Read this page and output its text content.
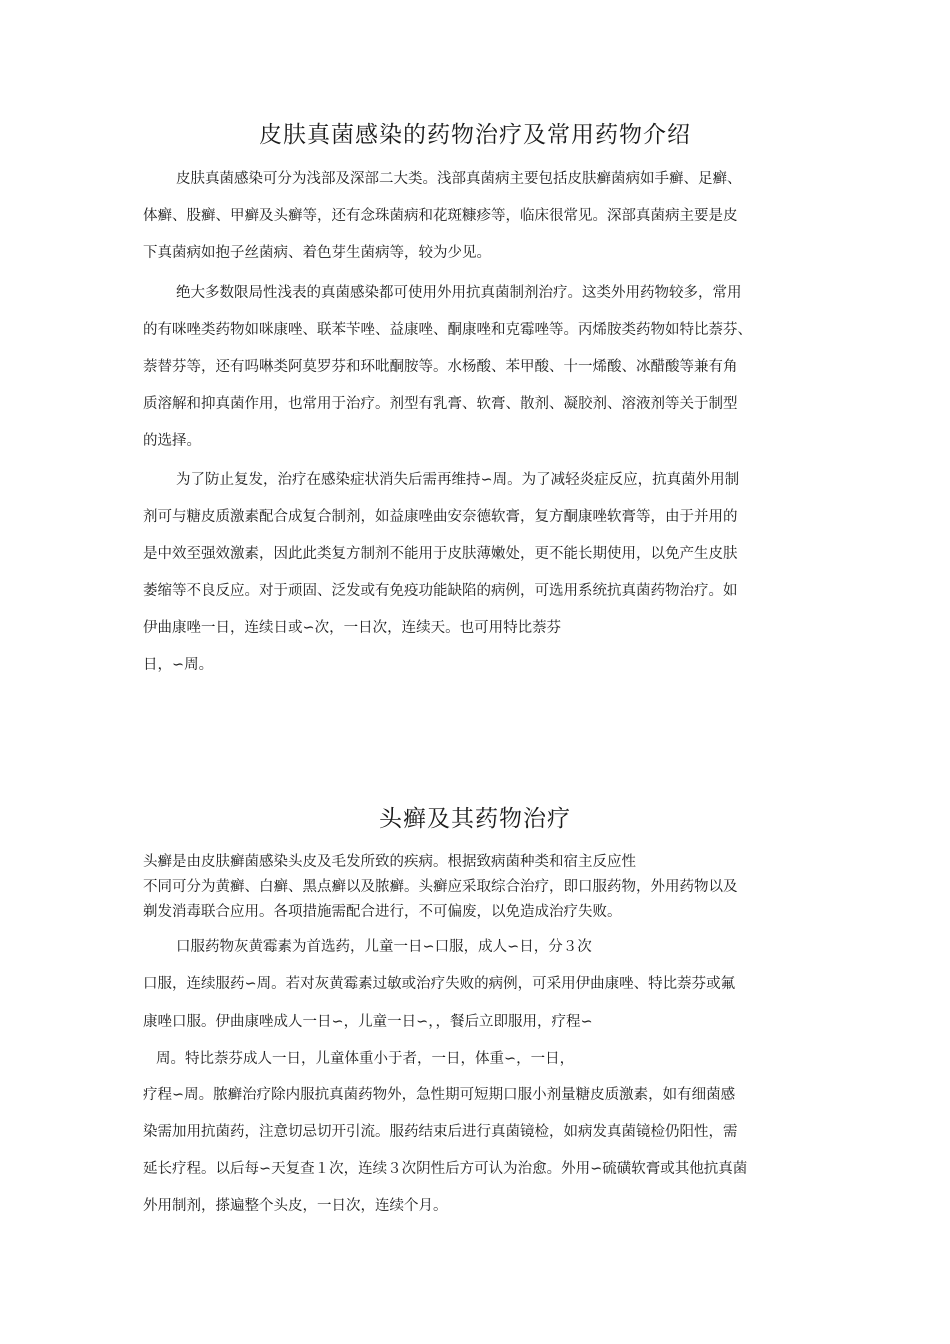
皮肤真菌感染的药物治疗及常用药物介绍

皮肤真菌感染可分为浅部及深部二大类。浅部真菌病主要包括皮肤癣菌病如手癣、足癣、

体癣、股癣、甲癣及头癣等，还有念珠菌病和花斑糠疹等，临床很常见。深部真菌病主要是皮

下真菌病如抱子丝菌病、着色芽生菌病等，较为少见。

绝大多数限局性浅表的真菌感染都可使用外用抗真菌制剂治疗。这类外用药物较多，常用

的有咪唑类药物如咪康唑、联苯苄唑、益康唑、酮康唑和克霉唑等。丙烯胺类药物如特比萘芬、

萘替芬等，还有吗啉类阿莫罗芬和环吡酮胺等。水杨酸、苯甲酸、十一烯酸、冰醋酸等兼有角

质溶解和抑真菌作用，也常用于治疗。剂型有乳膏、软膏、散剂、凝胶剂、溶液剂等关于制型

的选择。

为了防止复发，治疗在感染症状消失后需再维持∽周。为了减轻炎症反应，抗真菌外用制

剂可与糖皮质激素配合成复合制剂，如益康唑曲安奈德软膏，复方酮康唑软膏等，由于并用的

是中效至强效激素，因此此类复方制剂不能用于皮肤薄嫩处，更不能长期使用，以免产生皮肤

萎缩等不良反应。对于顽固、泛发或有免疫功能缺陷的病例，可选用系统抗真菌药物治疗。如

伊曲康唑一日，连续日或∽次，一日次，连续天。也可用特比萘芬

日，∽周。

头癣及其药物治疗

头癣是由皮肤癣菌感染头皮及毛发所致的疾病。根据致病菌种类和宿主反应性

不同可分为黄癣、白癣、黑点癣以及脓癣。头癣应采取综合治疗，即口服药物，外用药物以及

剃发消毒联合应用。各项措施需配合进行，不可偏废，以免造成治疗失败。

口服药物灰黄霉素为首选药，儿童一日∽口服，成人∽日，分３次

口服，连续服药∽周。若对灰黄霉素过敏或治疗失败的病例，可采用伊曲康唑、特比萘芬或氟

康唑口服。伊曲康唑成人一日∽，儿童一日∽，，餐后立即服用，疗程∽

周。特比萘芬成人一日，儿童体重小于者，一日，体重∽，一日，

疗程∽周。脓癣治疗除内服抗真菌药物外，急性期可短期口服小剂量糖皮质激素，如有细菌感

染需加用抗菌药，注意切忌切开引流。服药结束后进行真菌镜检，如病发真菌镜检仍阳性，需

延长疗程。以后每∽天复查１次，连续３次阴性后方可认为治愈。外用∽硫磺软膏或其他抗真菌

外用制剂，搽遍整个头皮，一日次，连续个月。
